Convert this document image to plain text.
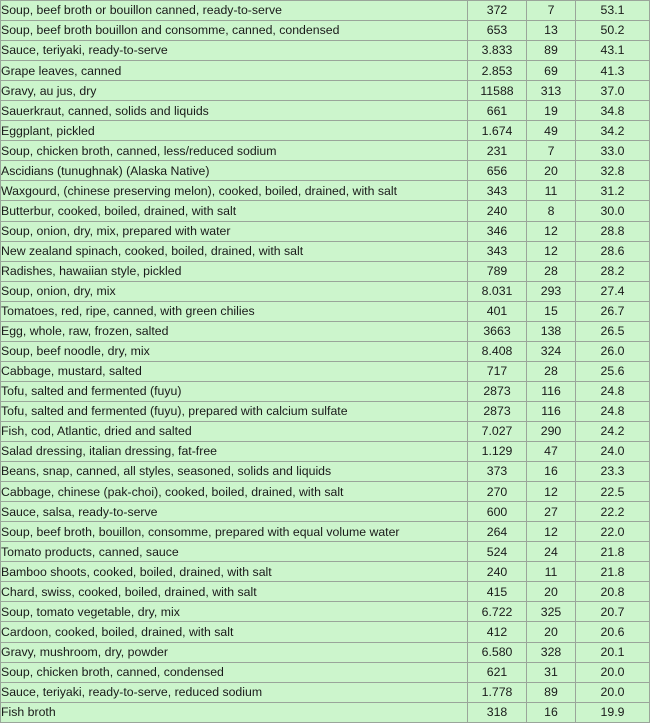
Soup, beef broth or bouillon canned, ready-to-serve	372	7	53.1
Soup, beef broth bouillon and consomme, canned, condensed	653	13	50.2
Sauce, teriyaki, ready-to-serve	3.833	89	43.1
Grape leaves, canned	2.853	69	41.3
Gravy, au jus, dry	11588	313	37.0
Sauerkraut, canned, solids and liquids	661	19	34.8
Eggplant, pickled	1.674	49	34.2
Soup, chicken broth, canned, less/reduced sodium	231	7	33.0
Ascidians (tunughnak) (Alaska Native)	656	20	32.8
Waxgourd, (chinese preserving melon), cooked, boiled, drained, with salt	343	11	31.2
Butterbur, cooked, boiled, drained, with salt	240	8	30.0
Soup, onion, dry, mix, prepared with water	346	12	28.8
New zealand spinach, cooked, boiled, drained, with salt	343	12	28.6
Radishes, hawaiian style, pickled	789	28	28.2
Soup, onion, dry, mix	8.031	293	27.4
Tomatoes, red, ripe, canned, with green chilies	401	15	26.7
Egg, whole, raw, frozen, salted	3663	138	26.5
Soup, beef noodle, dry, mix	8.408	324	26.0
Cabbage, mustard, salted	717	28	25.6
Tofu, salted and fermented (fuyu)	2873	116	24.8
Tofu, salted and fermented (fuyu), prepared with calcium sulfate	2873	116	24.8
Fish, cod, Atlantic, dried and salted	7.027	290	24.2
Salad dressing, italian dressing, fat-free	1.129	47	24.0
Beans, snap, canned, all styles, seasoned, solids and liquids	373	16	23.3
Cabbage, chinese (pak-choi), cooked, boiled, drained, with salt	270	12	22.5
Sauce, salsa, ready-to-serve	600	27	22.2
Soup, beef broth, bouillon, consomme, prepared with equal volume water	264	12	22.0
Tomato products, canned, sauce	524	24	21.8
Bamboo shoots, cooked, boiled, drained, with salt	240	11	21.8
Chard, swiss, cooked, boiled, drained, with salt	415	20	20.8
Soup, tomato vegetable, dry, mix	6.722	325	20.7
Cardoon, cooked, boiled, drained, with salt	412	20	20.6
Gravy, mushroom, dry, powder	6.580	328	20.1
Soup, chicken broth, canned, condensed	621	31	20.0
Sauce, teriyaki, ready-to-serve, reduced sodium	1.778	89	20.0
Fish broth	318	16	19.9
